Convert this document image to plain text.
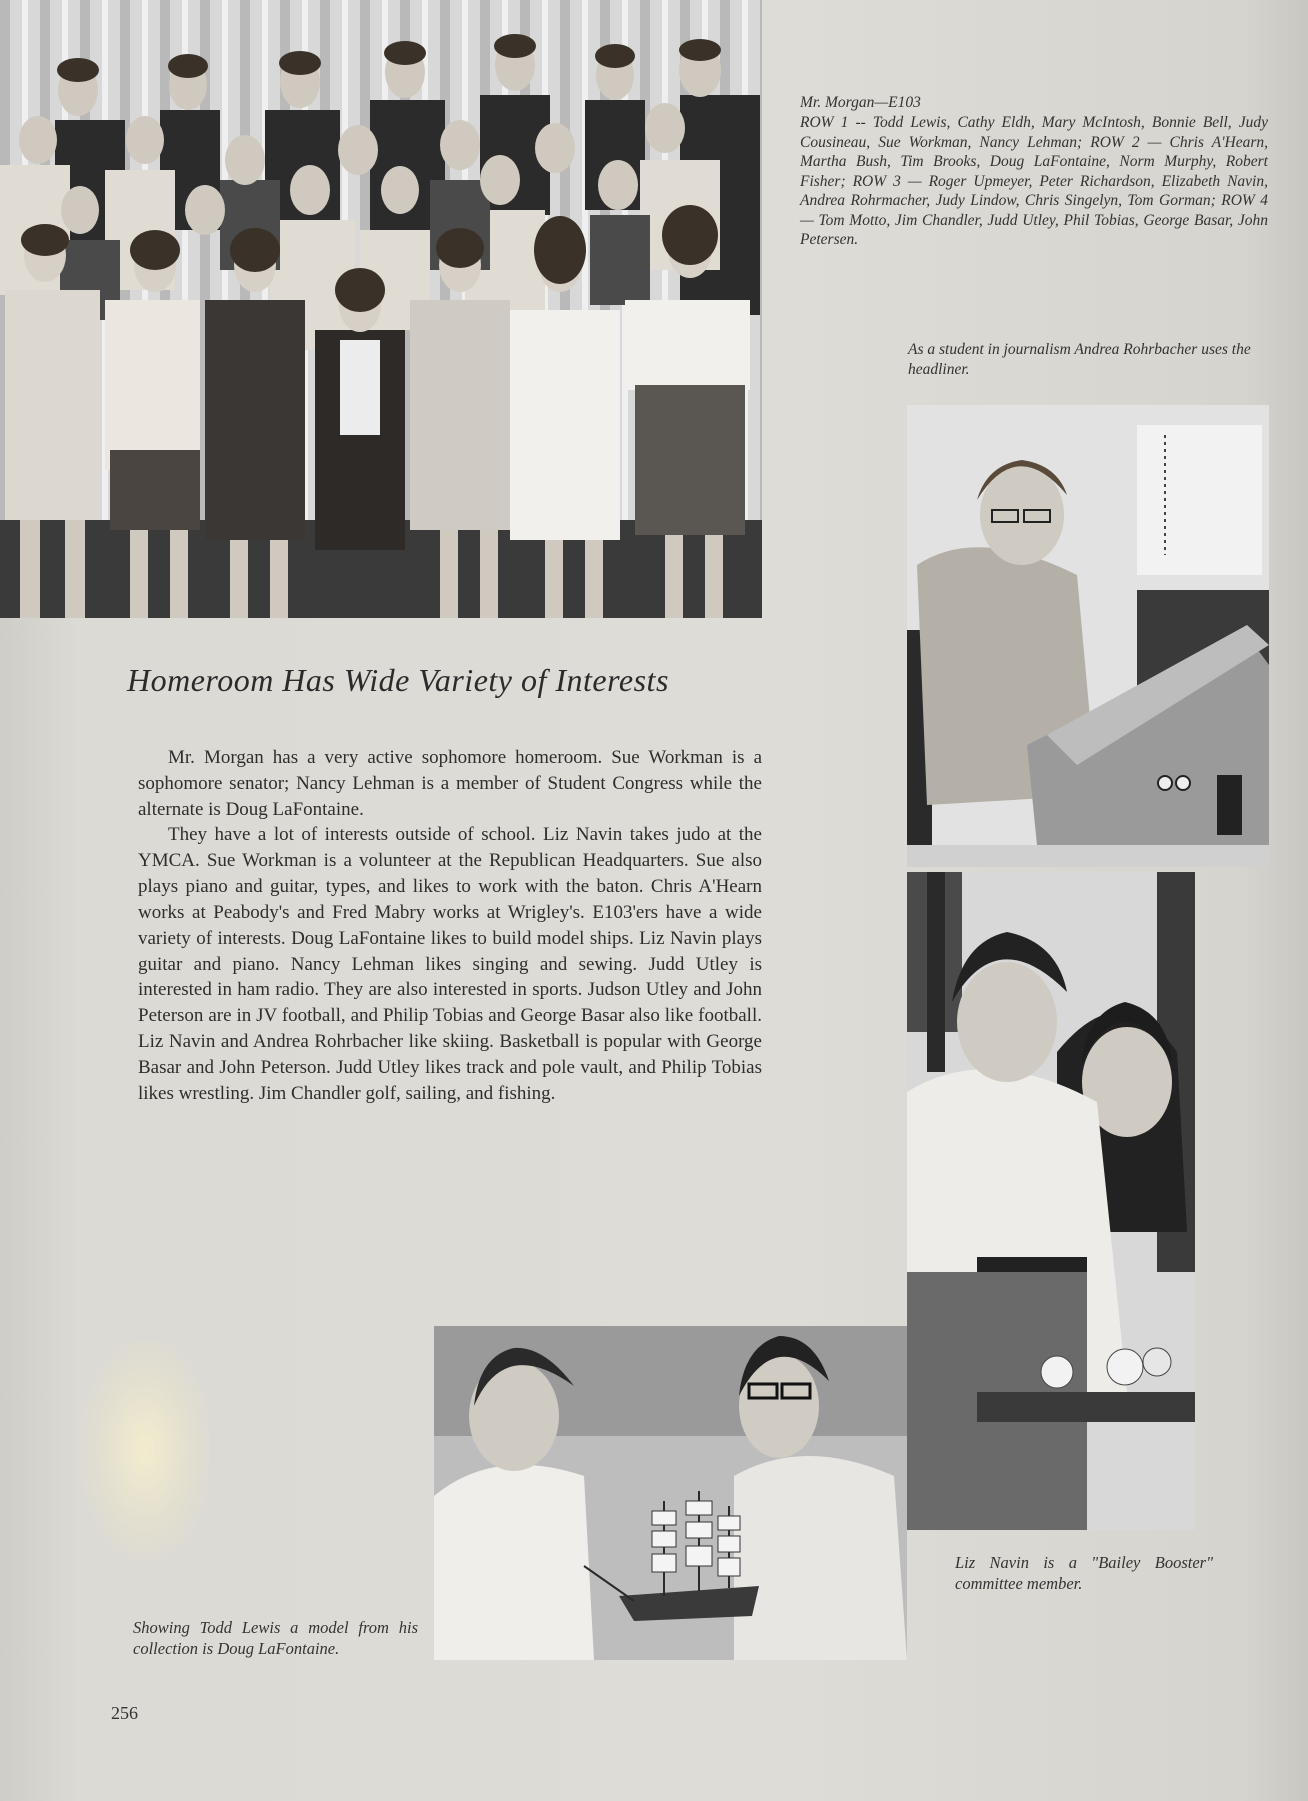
Mr. Morgan—E103
ROW 1 -- Todd Lewis, Cathy Eldh, Mary McIntosh, Bonnie Bell, Judy Cousineau, Sue Workman, Nancy Lehman; ROW 2 — Chris A'Hearn, Martha Bush, Tim Brooks, Doug LaFontaine, Norm Murphy, Robert Fisher; ROW 3 — Roger Upmeyer, Peter Richardson, Elizabeth Navin, Andrea Rohrmacher, Judy Lindow, Chris Singelyn, Tom Gorman; ROW 4 — Tom Motto, Jim Chandler, Judd Utley, Phil Tobias, George Basar, John Petersen.
As a student in journalism Andrea Rohrbacher uses the headliner.
Homeroom Has Wide Variety of Interests

Mr. Morgan has a very active sophomore homeroom. Sue Workman is a sophomore senator; Nancy Lehman is a member of Student Congress while the alternate is Doug LaFontaine.

They have a lot of interests outside of school. Liz Navin takes judo at the YMCA. Sue Workman is a volunteer at the Republican Headquarters. Sue also plays piano and guitar, types, and likes to work with the baton. Chris A'Hearn works at Peabody's and Fred Mabry works at Wrigley's. E103'ers have a wide variety of interests. Doug LaFontaine likes to build model ships. Liz Navin plays guitar and piano. Nancy Lehman likes singing and sewing. Judd Utley is interested in ham radio. They are also interested in sports. Judson Utley and John Peterson are in JV football, and Philip Tobias and George Basar also like football. Liz Navin and Andrea Rohrbacher like skiing. Basketball is popular with George Basar and John Peterson. Judd Utley likes track and pole vault, and Philip Tobias likes wrestling. Jim Chandler golf, sailing, and fishing.

Liz Navin is a "Bailey Booster" committee member.
Showing Todd Lewis a model from his collection is Doug LaFontaine.
256
